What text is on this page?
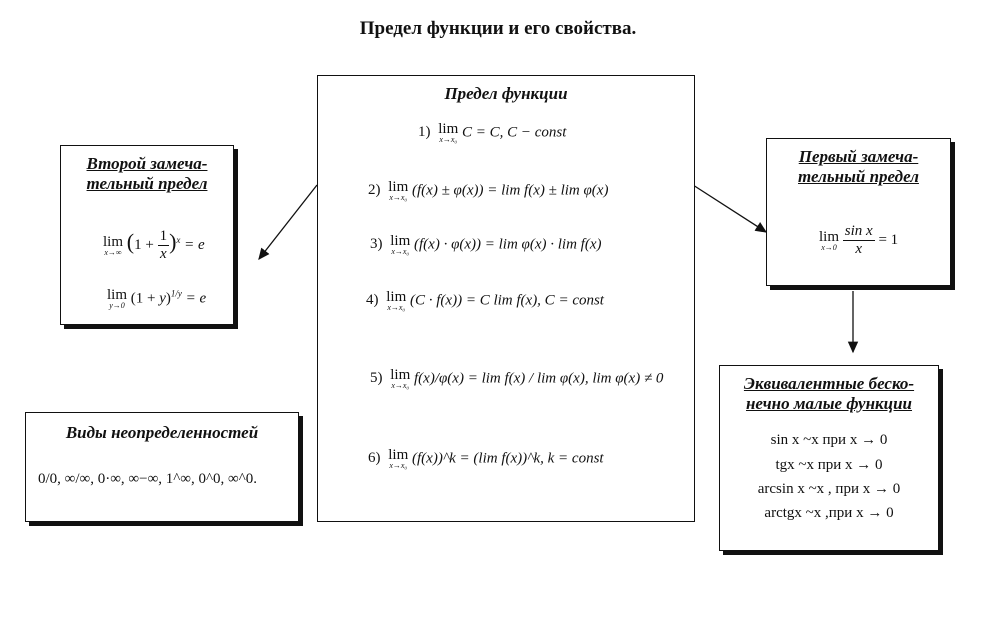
Предел функции и его свойства.
Предел функции
1) lim
x→x₀ C = C, C − const
2) lim
x→x₀ (f(x) ± φ(x)) = lim f(x) ± lim φ(x)
3) lim
x→x₀ (f(x) · φ(x)) = lim φ(x) · lim f(x)
4) lim
x→x₀ (C · f(x)) = C lim f(x), C = const
5) lim
x→x₀ f(x)/φ(x) = lim f(x) / lim φ(x), lim φ(x) ≠ 0
6) lim
x→x₀ (f(x))^k = (lim f(x))^k, k = const
Второй замеча-
тельный предел
lim
x→∞ $(1 + \frac{1}{x} )^x = e$
lim
y→0 $(1 + y)^{1/y} = e$
Виды неопределенностей
0/0, ∞/∞, 0·∞, ∞−∞, 1^∞, 0^0, ∞^0.
Первый замеча-
тельный предел
lim
x→0
$\frac{\text{sin x}}{x} = 1$
Эквивалентные беско-
нечно малые функции
sin x ~x при x → 0
tgx ~x при x → 0
arcsin x ~x , при x → 0
arctgx ~x ,при x → 0
